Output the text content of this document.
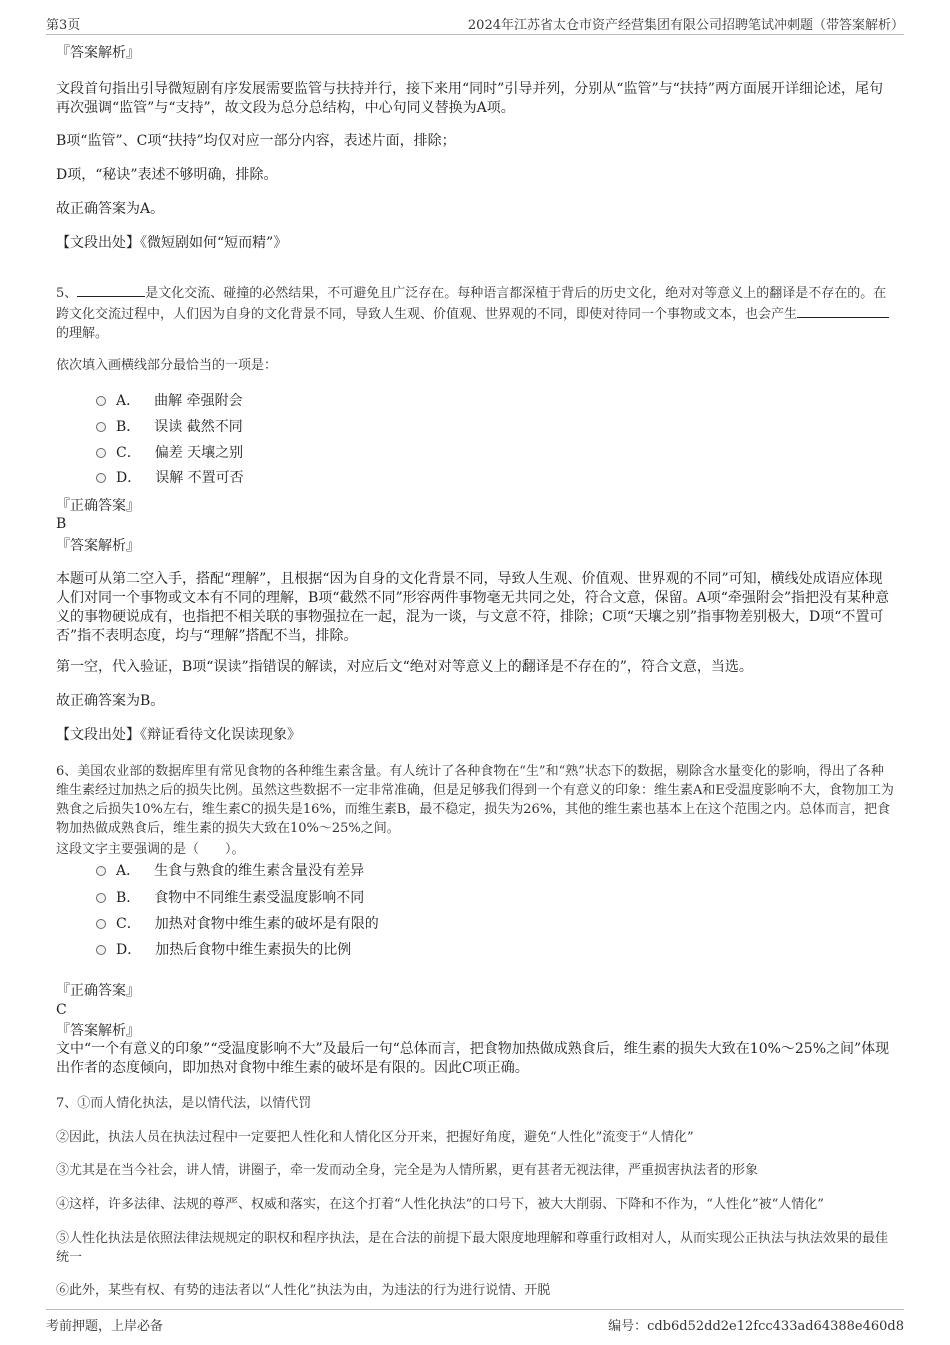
第3页	2024年江苏省太仓市资产经营集团有限公司招聘笔试冲刺题（带答案解析）
『答案解析』
文段首句指出引导微短剧有序发展需要监管与扶持并行，接下来用“同时”引导并列，分别从“监管”与“扶持”两方面展开详细论述，尾句再次强调“监管”与“支持”，故文段为总分总结构，中心句同义替换为A项。
B项“监管”、C项“扶持”均仅对应一部分内容，表述片面，排除；
D项，“秘诀”表述不够明确，排除。
故正确答案为A。
【文段出处】《微短剧如何“短而精”》
5、	是文化交流、碰撞的必然结果，不可避免且广泛存在。每种语言都深植于背后的历史文化，绝对对等意义上的翻译是不存在的。在跨文化交流过程中，人们因为自身的文化背景不同，导致人生观、价值观、世界观的不同，即使对待同一个事物或文本，也会产生的理解。
依次填入画横线部分最恰当的一项是：
A． 曲解 牵强附会
B． 误读 截然不同
C． 偏差 天壤之别
D． 误解 不置可否
『正确答案』
B
『答案解析』
本题可从第二空入手，搭配“理解”，且根据“因为自身的文化背景不同，导致人生观、价值观、世界观的不同”可知，横线处成语应体现人们对同一个事物或文本有不同的理解，B项“截然不同”形容两件事物毫无共同之处，符合文意，保留。A项“牵强附会”指把没有某种意义的事物硬说成有，也指把不相关联的事物强拉在一起，混为一谈，与文意不符，排除；C项“天壤之别”指事物差别极大，D项“不置可否”指不表明态度，均与“理解”搭配不当，排除。
第一空，代入验证，B项“误读”指错误的解读，对应后文“绝对对等意义上的翻译是不存在的”，符合文意，当选。
故正确答案为B。
【文段出处】《辩证看待文化误读现象》
6、美国农业部的数据库里有常见食物的各种维生素含量。有人统计了各种食物在“生”和“熟”状态下的数据，剔除含水量变化的影响，得出了各种维生素经过加热之后的损失比例。虽然这些数据不一定非常准确，但是足够我们得到一个有意义的印象：维生素A和E受温度影响不大，食物加工为熟食之后损失10%左右，维生素C的损失是16%，而维生素B，最不稳定，损失为26%，其他的维生素也基本上在这个范围之内。总体而言，把食物加热做成熟食后，维生素的损失大致在10%～25%之间。
这段文字主要强调的是（　　）。
A． 生食与熟食的维生素含量没有差异
B． 食物中不同维生素受温度影响不同
C． 加热对食物中维生素的破坏是有限的
D． 加热后食物中维生素损失的比例
『正确答案』
C
『答案解析』
文中“一个有意义的印象”“受温度影响不大”及最后一句“总体而言，把食物加热做成熟食后，维生素的损失大致在10%～25%之间”体现出作者的态度倾向，即加热对食物中维生素的破坏是有限的。因此C项正确。
7、①而人情化执法，是以情代法，以情代罚
②因此，执法人员在执法过程中一定要把人性化和人情化区分开来，把握好角度，避免“人性化”流变于“人情化”
③尤其是在当今社会，讲人情，讲圈子，牵一发而动全身，完全是为人情所累，更有甚者无视法律，严重损害执法者的形象
④这样，许多法律、法规的尊严、权威和落实，在这个打着“人性化执法”的口号下，被大大削弱、下降和不作为，“人性化”被“人情化”
⑤人性化执法是依照法律法规规定的职权和程序执法，是在合法的前提下最大限度地理解和尊重行政相对人，从而实现公正执法与执法效果的最佳统一
⑥此外，某些有权、有势的违法者以“人性化”执法为由，为违法的行为进行说情、开脱
考前押题，上岸必备	编号：cdb6d52dd2e12fcc433ad64388e460d8
